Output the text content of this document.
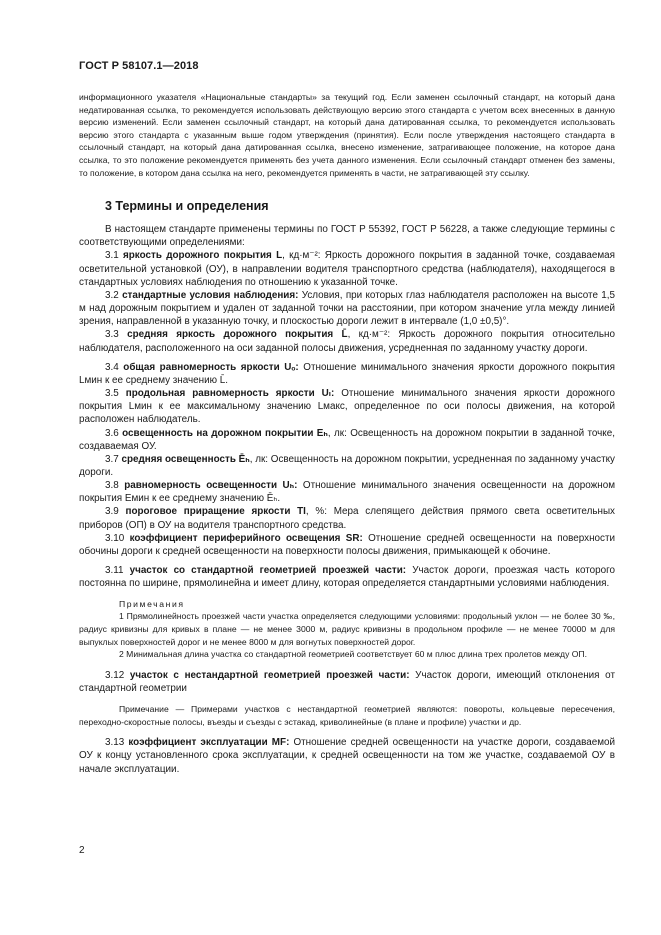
ГОСТ Р 58107.1—2018

информационного указателя «Национальные стандарты» за текущий год. Если заменен ссылочный стандарт, на который дана недатированная ссылка, то рекомендуется использовать действующую версию этого стандарта с учетом всех внесенных в данную версию изменений. Если заменен ссылочный стандарт, на который дана датированная ссылка, то рекомендуется использовать версию этого стандарта с указанным выше годом утверждения (принятия). Если после утверждения настоящего стандарта в ссылочный стандарт, на который дана датированная ссылка, внесено изменение, затрагивающее положение, на которое дана ссылка, то это положение рекомендуется применять без учета данного изменения. Если ссылочный стандарт отменен без замены, то положение, в котором дана ссылка на него, рекомендуется применять в части, не затрагивающей эту ссылку.

3 Термины и определения

В настоящем стандарте применены термины по ГОСТ Р 55392, ГОСТ Р 56228, а также следующие термины с соответствующими определениями:

3.1 яркость дорожного покрытия L, кд·м⁻²: Яркость дорожного покрытия в заданной точке, создаваемая осветительной установкой (ОУ), в направлении водителя транспортного средства (наблюдателя), находящегося в стандартных условиях наблюдения по отношению к указанной точке.

3.2 стандартные условия наблюдения: Условия, при которых глаз наблюдателя расположен на высоте 1,5 м над дорожным покрытием и удален от заданной точки на расстоянии, при котором значение угла между линией зрения, направленной в указанную точку, и плоскостью дороги лежит в интервале (1,0 ±0,5)°.

3.3 средняя яркость дорожного покрытия L̄, кд·м⁻²: Яркость дорожного покрытия относительно наблюдателя, расположенного на оси заданной полосы движения, усредненная по заданному участку дороги.

3.4 общая равномерность яркости Uₒ: Отношение минимального значения яркости дорожного покрытия Lмин к ее среднему значению L̄.

3.5 продольная равномерность яркости Uₗ: Отношение минимального значения яркости дорожного покрытия Lмин к ее максимальному значению Lмакс, определенное по оси полосы движения, на которой расположен наблюдатель.

3.6 освещенность на дорожном покрытии Eₕ, лк: Освещенность на дорожном покрытии в заданной точке, создаваемая ОУ.

3.7 средняя освещенность Ēₕ, лк: Освещенность на дорожном покрытии, усредненная по заданному участку дороги.

3.8 равномерность освещенности Uₕ: Отношение минимального значения освещенности на дорожном покрытия Eмин к ее среднему значению Ēₕ.

3.9 пороговое приращение яркости TI, %: Мера слепящего действия прямого света осветительных приборов (ОП) в ОУ на водителя транспортного средства.

3.10 коэффициент периферийного освещения SR: Отношение средней освещенности на поверхности обочины дороги к средней освещенности на поверхности полосы движения, примыкающей к обочине.

3.11 участок со стандартной геометрией проезжей части: Участок дороги, проезжая часть которого постоянна по ширине, прямолинейна и имеет длину, которая определяется стандартными условиями наблюдения.

Примечания

1 Прямолинейность проезжей части участка определяется следующими условиями: продольный уклон — не более 30 ‰, радиус кривизны для кривых в плане — не менее 3000 м, радиус кривизны в продольном профиле — не менее 70000 м для выпуклых поверхностей дорог и не менее 8000 м для вогнутых поверхностей дорог.

2 Минимальная длина участка со стандартной геометрией соответствует 60 м плюс длина трех пролетов между ОП.

3.12 участок с нестандартной геометрией проезжей части: Участок дороги, имеющий отклонения от стандартной геометрии

Примечание — Примерами участков с нестандартной геометрией являются: повороты, кольцевые пересечения, переходно-скоростные полосы, въезды и съезды с эстакад, криволинейные (в плане и профиле) участки и др.

3.13 коэффициент эксплуатации MF: Отношение средней освещенности на участке дороги, создаваемой ОУ к концу установленного срока эксплуатации, к средней освещенности на том же участке, создаваемой ОУ в начале эксплуатации.

2
